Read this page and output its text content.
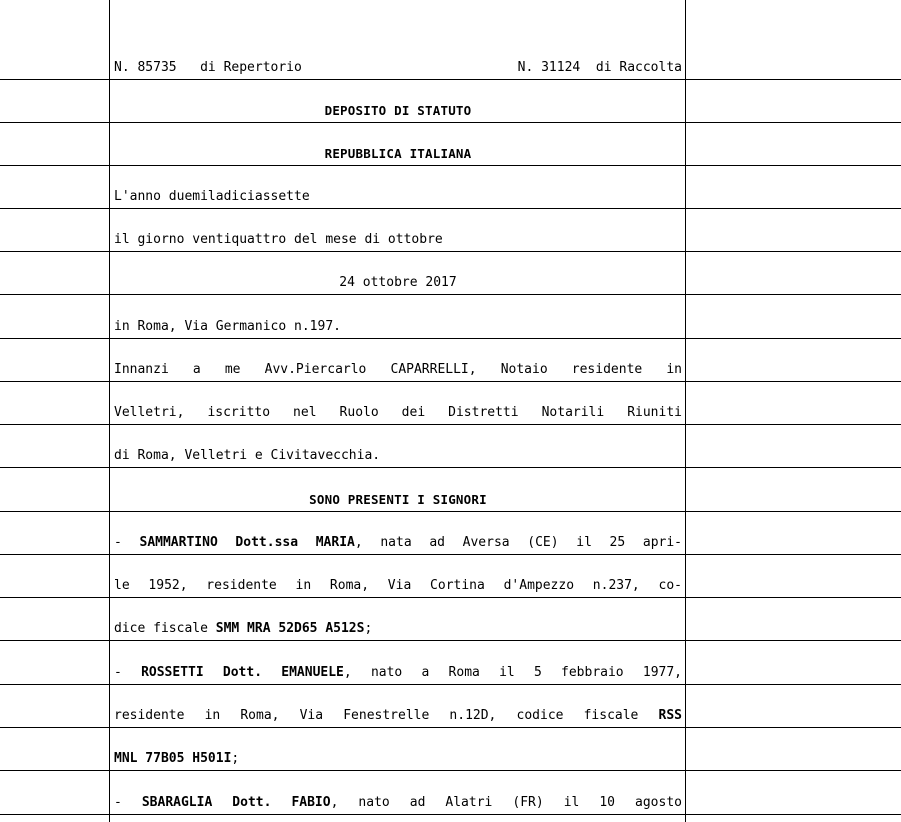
N. 85735   di Repertorio	N. 31124  di Raccolta
DEPOSITO DI STATUTO
REPUBBLICA ITALIANA
L'anno duemiladiciassette
il giorno ventiquattro del mese di ottobre
24 ottobre 2017
in Roma, Via Germanico n.197.
Innanzi a me Avv.Piercarlo CAPARRELLI, Notaio residente in
Velletri, iscritto nel Ruolo dei Distretti Notarili Riuniti
di Roma, Velletri e Civitavecchia.
SONO PRESENTI I SIGNORI
- SAMMARTINO Dott.ssa MARIA, nata ad Aversa (CE) il 25 apri-
le 1952, residente in Roma, Via Cortina d'Ampezzo n.237, co-
dice fiscale SMM MRA 52D65 A512S;
- ROSSETTI Dott. EMANUELE, nato a Roma il 5 febbraio 1977,
residente in Roma, Via Fenestrelle n.12D, codice fiscale RSS
MNL 77B05 H501I;
- SBARAGLIA Dott. FABIO, nato ad Alatri (FR) il 10 agosto
